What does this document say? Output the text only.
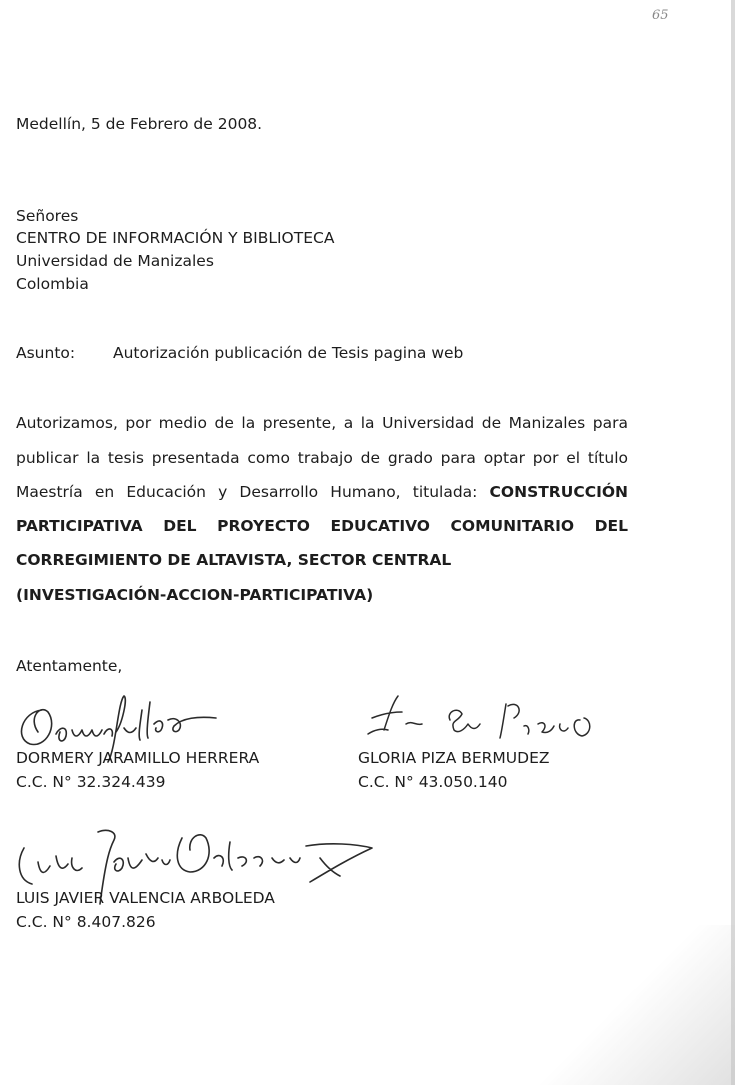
65
Medellín, 5 de Febrero de 2008.
Señores
CENTRO DE INFORMACIÓN Y BIBLIOTECA
Universidad de Manizales
Colombia
Asunto: Autorización publicación de Tesis pagina web
Autorizamos, por medio de la presente, a la Universidad de Manizales para
publicar la tesis presentada como trabajo de grado para optar por el título
Maestría en Educación y Desarrollo Humano, titulada: CONSTRUCCIÓN
PARTICIPATIVA DEL PROYECTO EDUCATIVO COMUNITARIO DEL
CORREGIMIENTO DE ALTAVISTA, SECTOR CENTRAL
(INVESTIGACIÓN-ACCION-PARTICIPATIVA)
Atentamente,
DORMERY JARAMILLO HERRERA
C.C. N° 32.324.439
GLORIA PIZA BERMUDEZ
C.C. N° 43.050.140
LUIS JAVIER VALENCIA ARBOLEDA
C.C. N° 8.407.826
